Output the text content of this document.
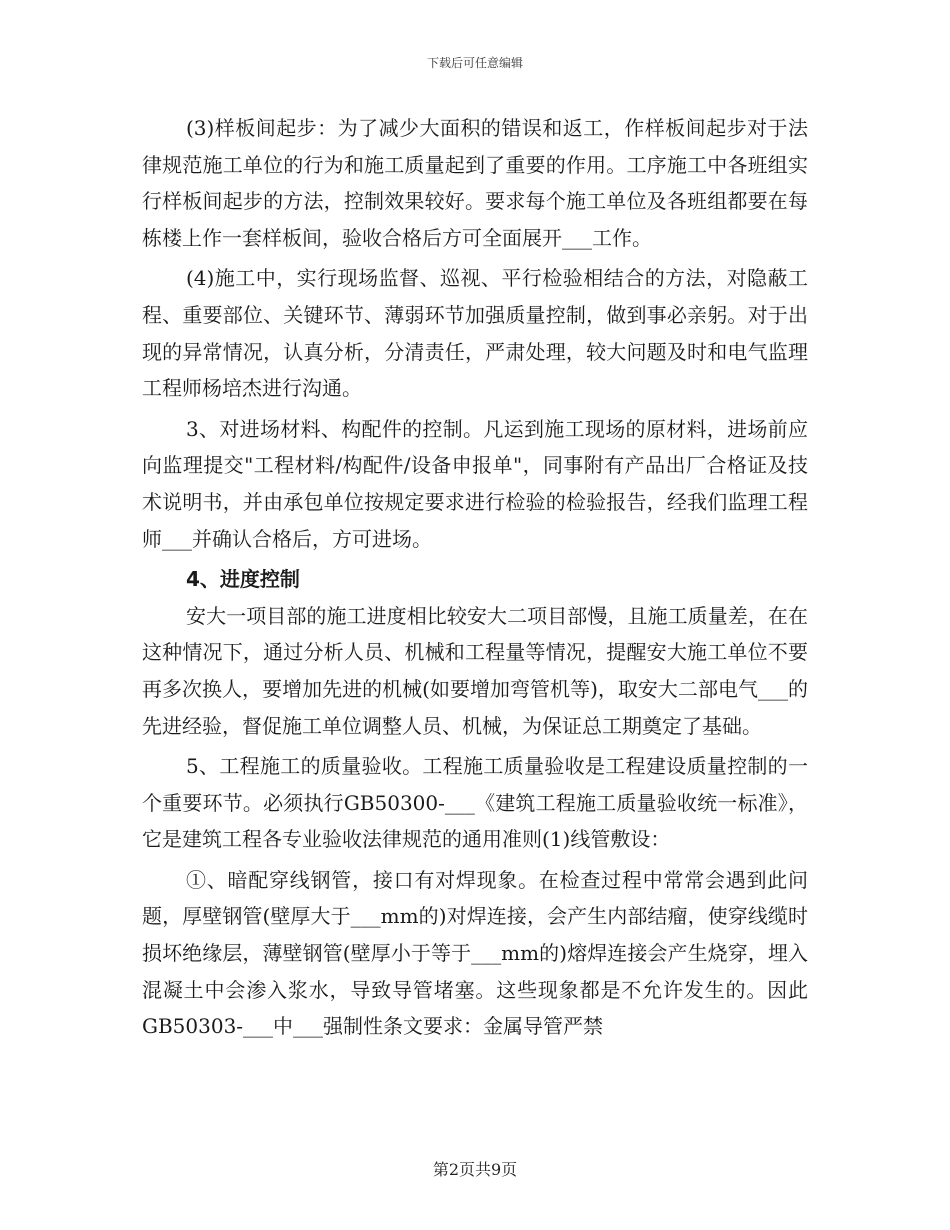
下载后可任意编辑

(3)样板间起步：为了减少大面积的错误和返工，作样板间起步对于法律规范施工单位的行为和施工质量起到了重要的作用。工序施工中各班组实行样板间起步的方法，控制效果较好。要求每个施工单位及各班组都要在每栋楼上作一套样板间，验收合格后方可全面展开___工作。

(4)施工中，实行现场监督、巡视、平行检验相结合的方法，对隐蔽工程、重要部位、关键环节、薄弱环节加强质量控制，做到事必亲躬。对于出现的异常情况，认真分析，分清责任，严肃处理，较大问题及时和电气监理工程师杨培杰进行沟通。

3、对进场材料、构配件的控制。凡运到施工现场的原材料，进场前应向监理提交"工程材料/构配件/设备申报单"，同事附有产品出厂合格证及技术说明书，并由承包单位按规定要求进行检验的检验报告，经我们监理工程师___并确认合格后，方可进场。

4、进度控制

安大一项目部的施工进度相比较安大二项目部慢，且施工质量差，在在这种情况下，通过分析人员、机械和工程量等情况，提醒安大施工单位不要再多次换人，要增加先进的机械(如要增加弯管机等)，取安大二部电气___的先进经验，督促施工单位调整人员、机械，为保证总工期奠定了基础。

5、工程施工的质量验收。工程施工质量验收是工程建设质量控制的一个重要环节。必须执行GB50300-___《建筑工程施工质量验收统一标准》，它是建筑工程各专业验收法律规范的通用准则(1)线管敷设：

①、暗配穿线钢管，接口有对焊现象。在检查过程中常常会遇到此问题，厚壁钢管(壁厚大于___mm的)对焊连接，会产生内部结瘤，使穿线缆时损坏绝缘层，薄壁钢管(壁厚小于等于___mm的)熔焊连接会产生烧穿，埋入混凝土中会渗入浆水，导致导管堵塞。这些现象都是不允许发生的。因此GB50303-___中___强制性条文要求：金属导管严禁

第2页共9页
